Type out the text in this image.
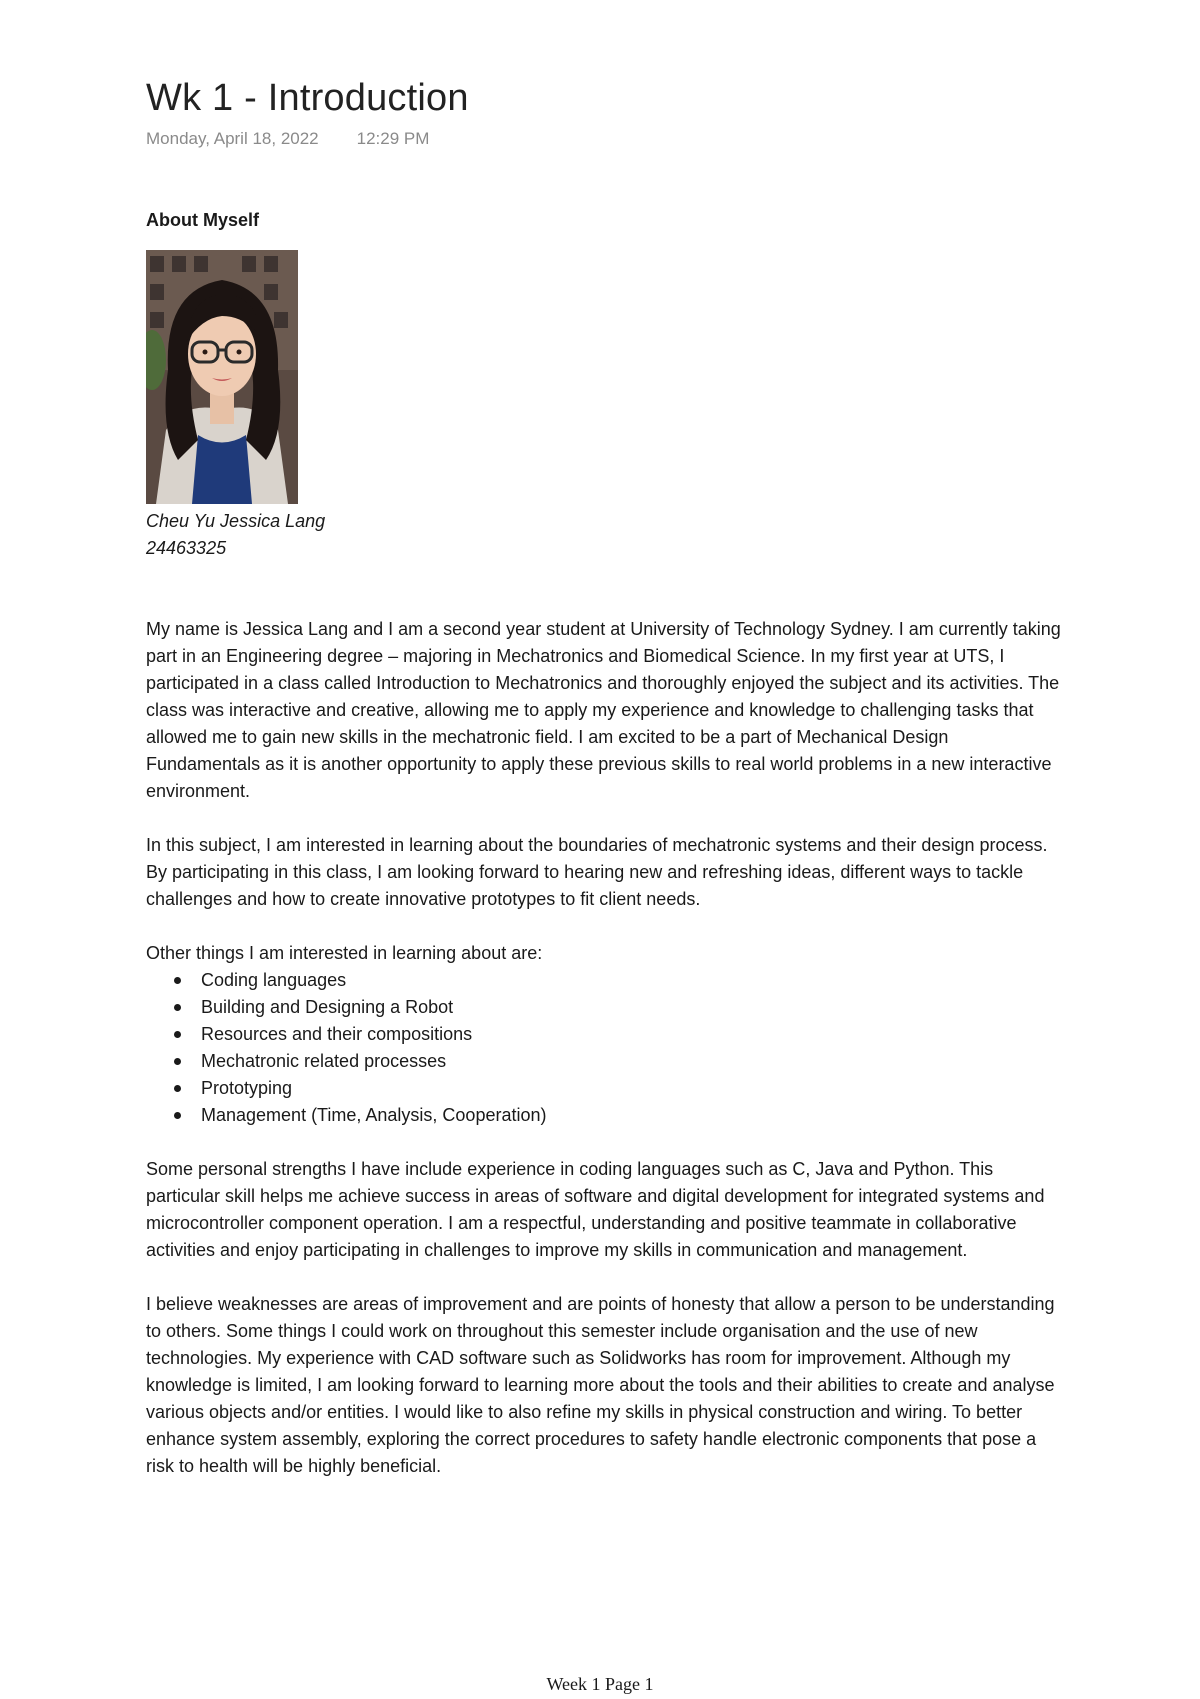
Wk 1 - Introduction
Monday, April 18, 2022 12:29 PM
About Myself
Cheu Yu Jessica Lang
24463325

My name is Jessica Lang and I am a second year student at University of Technology Sydney. I am currently taking part in an Engineering degree – majoring in Mechatronics and Biomedical Science. In my first year at UTS, I participated in a class called Introduction to Mechatronics and thoroughly enjoyed the subject and its activities. The class was interactive and creative, allowing me to apply my experience and knowledge to challenging tasks that allowed me to gain new skills in the mechatronic field. I am excited to be a part of Mechanical Design Fundamentals as it is another opportunity to apply these previous skills to real world problems in a new interactive environment.

In this subject, I am interested in learning about the boundaries of mechatronic systems and their design process. By participating in this class, I am looking forward to hearing new and refreshing ideas, different ways to tackle challenges and how to create innovative prototypes to fit client needs.

Other things I am interested in learning about are:

Coding languages
Building and Designing a Robot
Resources and their compositions
Mechatronic related processes
Prototyping
Management (Time, Analysis, Cooperation)

Some personal strengths I have include experience in coding languages such as C, Java and Python. This particular skill helps me achieve success in areas of software and digital development for integrated systems and microcontroller component operation. I am a respectful, understanding and positive teammate in collaborative activities and enjoy participating in challenges to improve my skills in communication and management.

I believe weaknesses are areas of improvement and are points of honesty that allow a person to be understanding to others. Some things I could work on throughout this semester include organisation and the use of new technologies. My experience with CAD software such as Solidworks has room for improvement. Although my knowledge is limited, I am looking forward to learning more about the tools and their abilities to create and analyse various objects and/or entities. I would like to also refine my skills in physical construction and wiring. To better enhance system assembly, exploring the correct procedures to safety handle electronic components that pose a risk to health will be highly beneficial.

Week 1 Page 1
